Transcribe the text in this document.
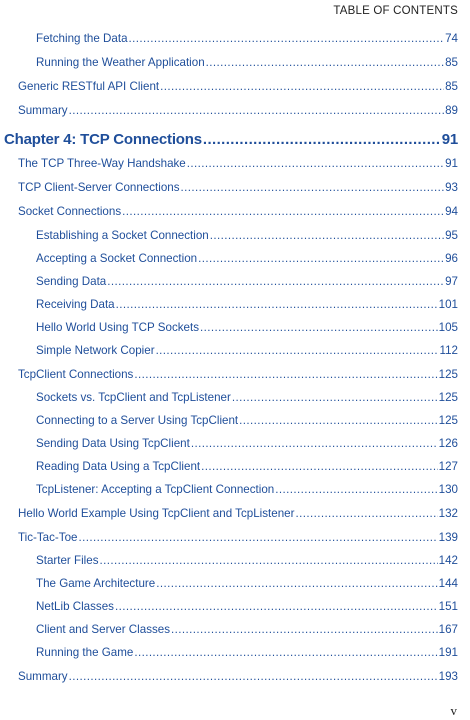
TABLE OF CONTENTS
Fetching the Data .....	74
Running the Weather Application .....	85
Generic RESTful API Client .....	85
Summary .....	89
Chapter 4: TCP Connections .....	91
The TCP Three-Way Handshake .....	91
TCP Client-Server Connections .....	93
Socket Connections .....	94
Establishing a Socket Connection .....	95
Accepting a Socket Connection .....	96
Sending Data .....	97
Receiving Data .....	101
Hello World Using TCP Sockets .....	105
Simple Network Copier .....	112
TcpClient Connections .....	125
Sockets vs. TcpClient and TcpListener .....	125
Connecting to a Server Using TcpClient .....	125
Sending Data Using TcpClient .....	126
Reading Data Using a TcpClient .....	127
TcpListener: Accepting a TcpClient Connection .....	130
Hello World Example Using TcpClient and TcpListener .....	132
Tic-Tac-Toe .....	139
Starter Files .....	142
The Game Architecture .....	144
NetLib Classes .....	151
Client and Server Classes .....	167
Running the Game .....	191
Summary .....	193
v
